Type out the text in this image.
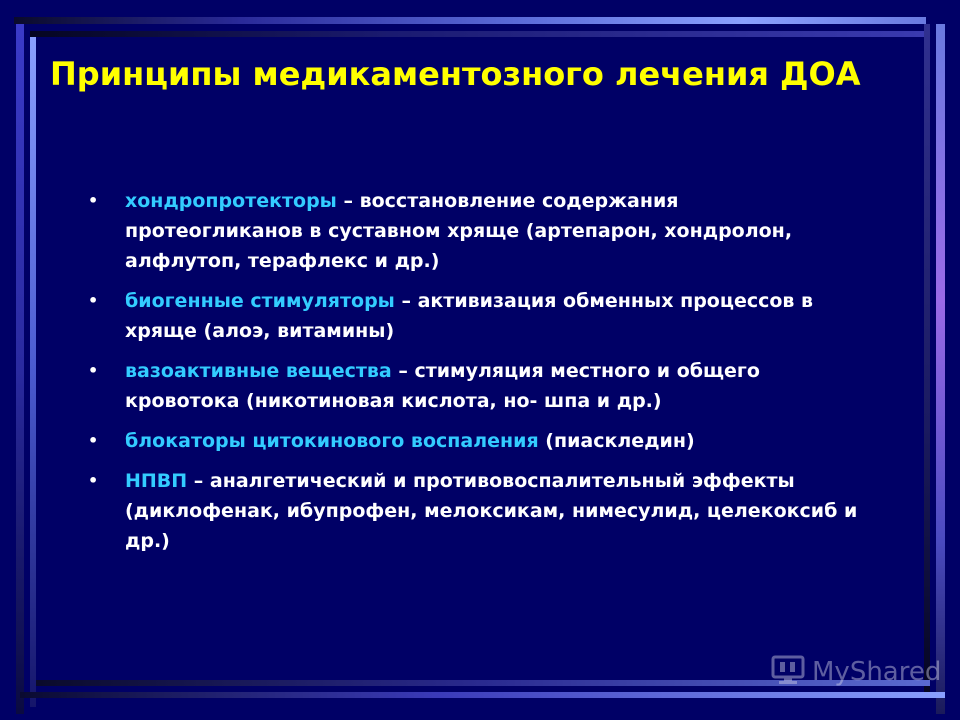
Принципы медикаментозного лечения ДОА
• хондропротекторы – восстановление содержания протеогликанов в суставном хряще (артепарон, хондролон, алфлутоп, терафлекс и др.)
• биогенные стимуляторы – активизация обменных процессов в хряще (алоэ, витамины)
• вазоактивные вещества – стимуляция местного и общего кровотока (никотиновая кислота, но- шпа и др.)
• блокаторы цитокинового воспаления (пиаскледин)
• НПВП – аналгетический и противовоспалительный эффекты (диклофенак, ибупрофен, мелоксикам, нимесулид, целекоксиб и др.)
MyShared
